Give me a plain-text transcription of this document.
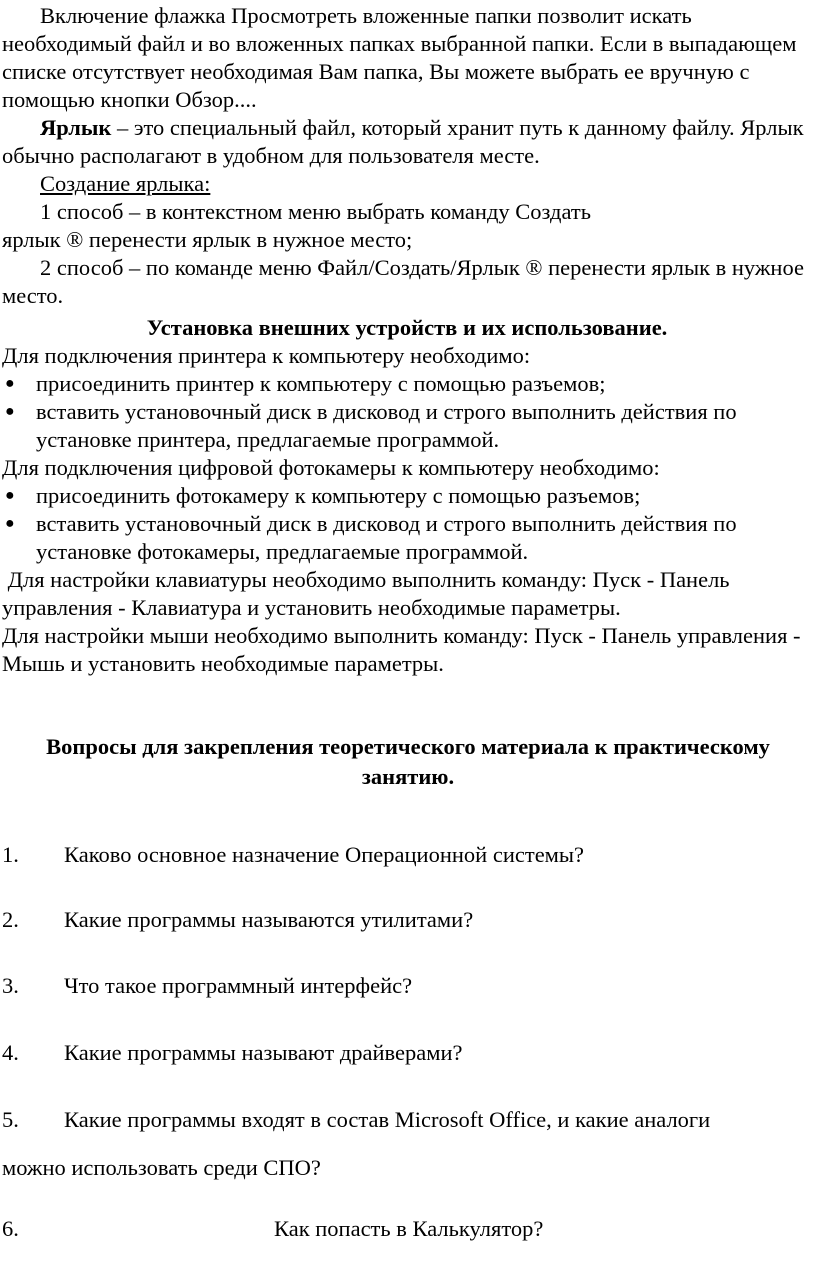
Включение флажка Просмотреть вложенные папки позволит искать необходимый файл и во вложенных папках выбранной папки. Если в выпадающем списке отсутствует необходимая Вам папка, Вы можете выбрать ее вручную с помощью кнопки Обзор....

Ярлык – это специальный файл, который хранит путь к данному файлу. Ярлык обычно располагают в удобном для пользователя месте.

Создание ярлыка:

1 способ – в контекстном меню выбрать команду Создать ярлык ® перенести ярлык в нужное место;

2 способ – по команде меню Файл/Создать/Ярлык ® перенести ярлык в нужное место.

Установка внешних устройств и их использование.

Для подключения принтера к компьютеру необходимо:

● присоединить принтер к компьютеру с помощью разъемов;
● вставить установочный диск в дисковод и строго выполнить действия по установке принтера, предлагаемые программой.

Для подключения цифровой фотокамеры к компьютеру необходимо:

● присоединить фотокамеру к компьютеру с помощью разъемов;
● вставить установочный диск в дисковод и строго выполнить действия по установке фотокамеры, предлагаемые программой.

Для настройки клавиатуры необходимо выполнить команду: Пуск - Панель управления - Клавиатура и установить необходимые параметры.

Для настройки мыши необходимо выполнить команду: Пуск - Панель управления - Мышь и установить необходимые параметры.

Вопросы для закрепления теоретического материала к практическому занятию.
1.	Каково основное назначение Операционной системы?
2.	Какие программы называются утилитами?
3.	Что такое программный интерфейс?
4.	Какие программы называют драйверами?
5.	Какие программы входят в состав Microsoft Office, и какие аналоги
можно использовать среди СПО?
6.	Как попасть в Калькулятор?
